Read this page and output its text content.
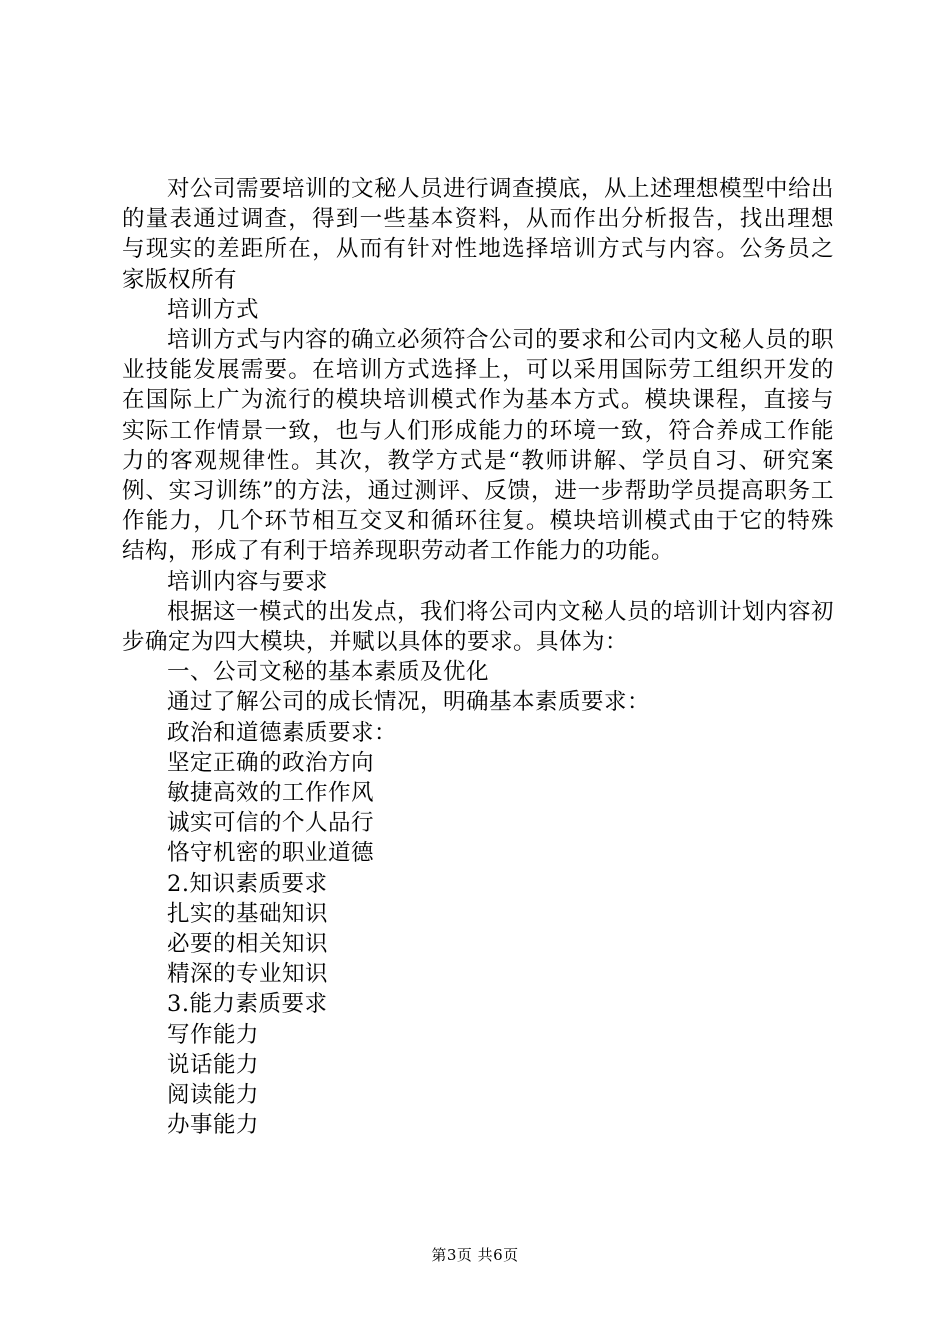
对公司需要培训的文秘人员进行调查摸底，从上述理想模型中给出的量表通过调查，得到一些基本资料，从而作出分析报告，找出理想与现实的差距所在，从而有针对性地选择培训方式与内容。公务员之家版权所有

培训方式

培训方式与内容的确立必须符合公司的要求和公司内文秘人员的职业技能发展需要。在培训方式选择上，可以采用国际劳工组织开发的在国际上广为流行的模块培训模式作为基本方式。模块课程，直接与实际工作情景一致，也与人们形成能力的环境一致，符合养成工作能力的客观规律性。其次，教学方式是“教师讲解、学员自习、研究案例、实习训练”的方法，通过测评、反馈，进一步帮助学员提高职务工作能力，几个环节相互交叉和循环往复。模块培训模式由于它的特殊结构，形成了有利于培养现职劳动者工作能力的功能。

培训内容与要求

根据这一模式的出发点，我们将公司内文秘人员的培训计划内容初步确定为四大模块，并赋以具体的要求。具体为：

一、公司文秘的基本素质及优化

通过了解公司的成长情况，明确基本素质要求：

政治和道德素质要求：

坚定正确的政治方向

敏捷高效的工作作风

诚实可信的个人品行

恪守机密的职业道德

2.知识素质要求

扎实的基础知识

必要的相关知识

精深的专业知识

3.能力素质要求

写作能力

说话能力

阅读能力

办事能力

第3页 共6页
